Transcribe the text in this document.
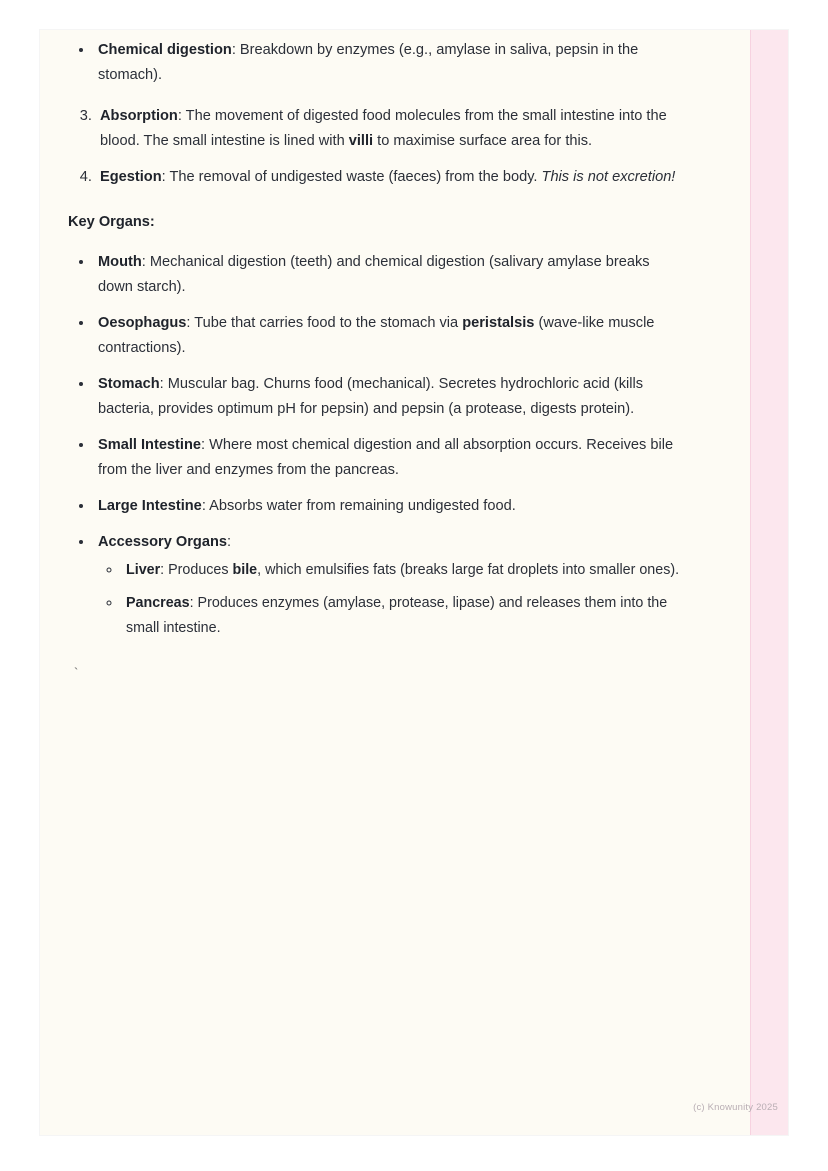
• Chemical digestion: Breakdown by enzymes (e.g., amylase in saliva, pepsin in the stomach).
3. Absorption: The movement of digested food molecules from the small intestine into the blood. The small intestine is lined with villi to maximise surface area for this.
4. Egestion: The removal of undigested waste (faeces) from the body. This is not excretion!
Key Organs:
• Mouth: Mechanical digestion (teeth) and chemical digestion (salivary amylase breaks down starch).
• Oesophagus: Tube that carries food to the stomach via peristalsis (wave-like muscle contractions).
• Stomach: Muscular bag. Churns food (mechanical). Secretes hydrochloric acid (kills bacteria, provides optimum pH for pepsin) and pepsin (a protease, digests protein).
• Small Intestine: Where most chemical digestion and all absorption occurs. Receives bile from the liver and enzymes from the pancreas.
• Large Intestine: Absorbs water from remaining undigested food.
• Accessory Organs:
◦ Liver: Produces bile, which emulsifies fats (breaks large fat droplets into smaller ones).
◦ Pancreas: Produces enzymes (amylase, protease, lipase) and releases them into the small intestine.
`
(c) Knowunity 2025
